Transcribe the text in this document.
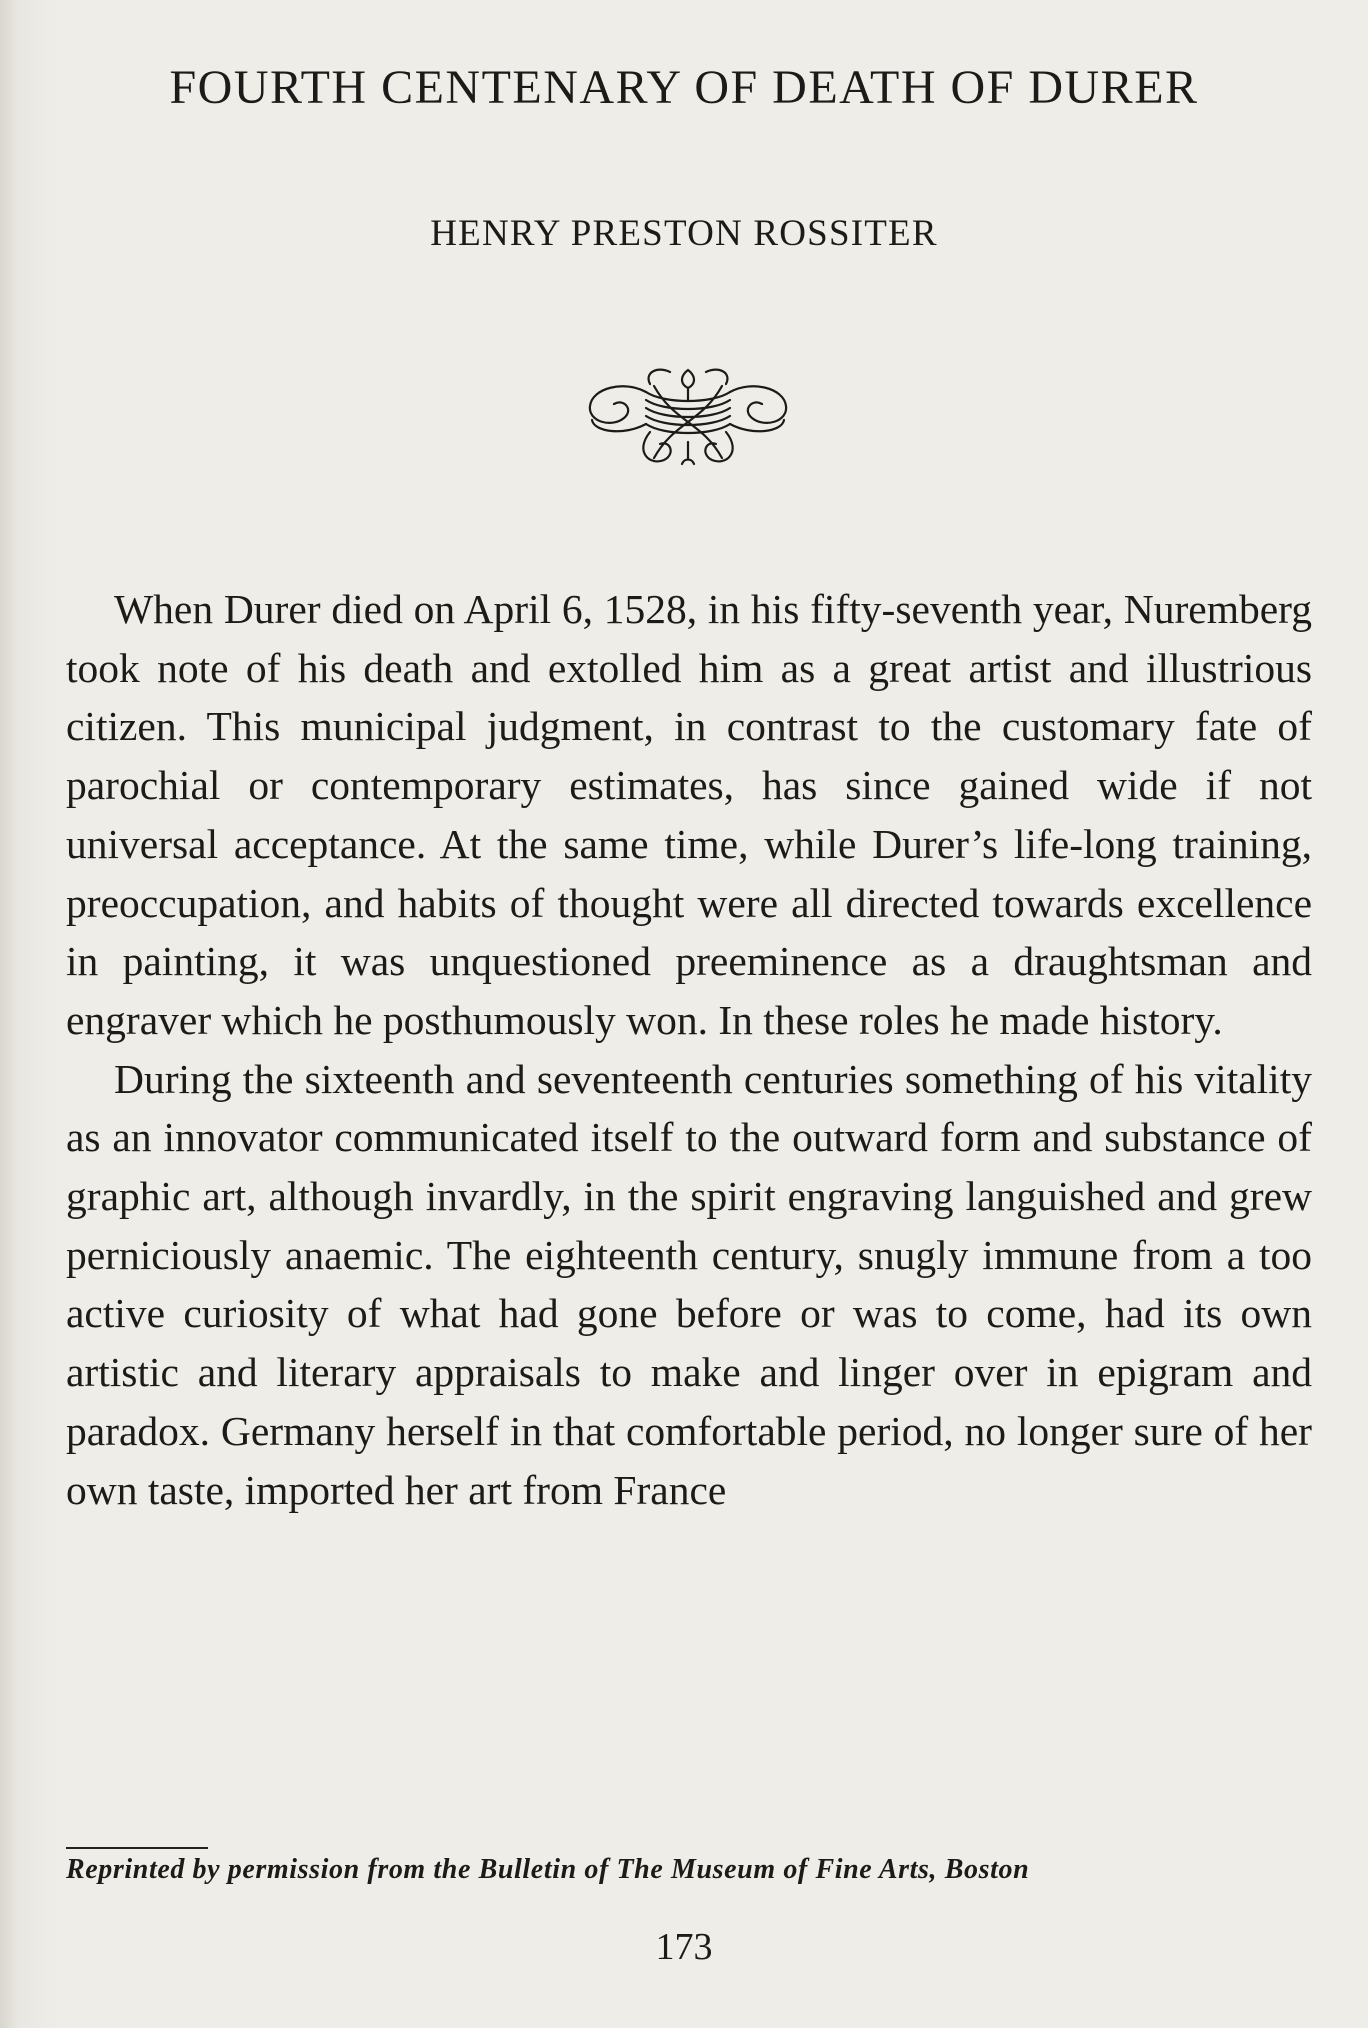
FOURTH CENTENARY OF DEATH OF DURER
HENRY PRESTON ROSSITER

When Durer died on April 6, 1528, in his fifty-seventh year, Nuremberg took note of his death and extolled him as a great artist and illustrious citizen. This municipal judgment, in contrast to the customary fate of parochial or contemporary estimates, has since gained wide if not universal acceptance. At the same time, while Durer’s life-long training, preoccupation, and habits of thought were all directed towards excellence in painting, it was unquestioned preeminence as a draughtsman and engraver which he posthumously won. In these roles he made history.

During the sixteenth and seventeenth centuries something of his vitality as an innovator communicated itself to the outward form and substance of graphic art, although invardly, in the spirit engraving languished and grew perniciously anaemic. The eighteenth century, snugly immune from a too active curiosity of what had gone before or was to come, had its own artistic and literary appraisals to make and linger over in epigram and paradox. Germany herself in that comfortable period, no longer sure of her own taste, imported her art from France

Reprinted by permission from the Bulletin of The Museum of Fine Arts, Boston
173
